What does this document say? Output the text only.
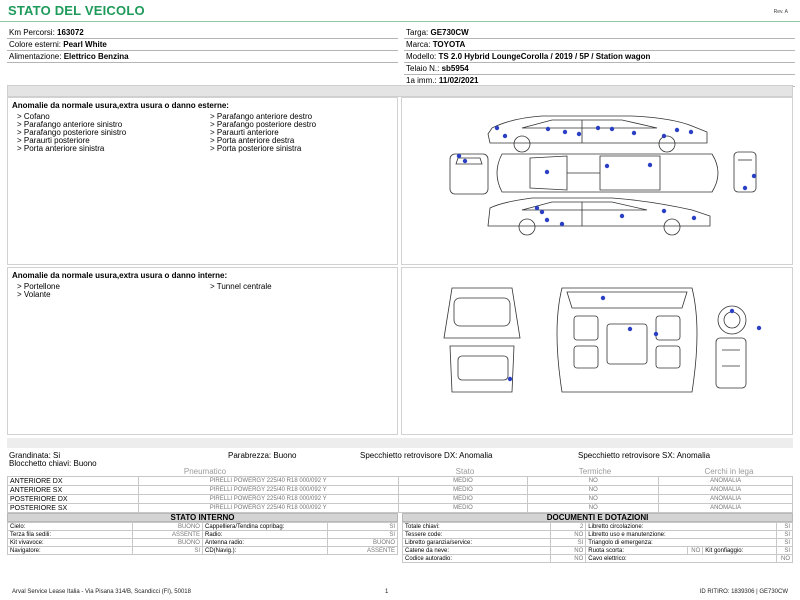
STATO DEL VEICOLO	Rev. A
Km Percorsi: 163072
Colore esterni: Pearl White
Alimentazione: Elettrico Benzina
Targa: GE730CW
Marca: TOYOTA
Modello: TS 2.0 Hybrid LoungeCorolla / 2019 / 5P / Station wagon
Telaio N.: sb5954
1a imm.: 11/02/2021
Anomalie da normale usura,extra usura o danno esterne:
> Cofano
> Parafango anteriore sinistro
> Parafango posteriore sinistro
> Paraurti posteriore
> Porta anteriore sinistra
> Parafango anteriore destro
> Parafango posteriore destro
> Paraurti anteriore
> Porta anteriore destra
> Porta posteriore sinistra
Anomalie da normale usura,extra usura o danno interne:
> Portellone
> Volante
> Tunnel centrale
Grandinata: Si	Parabrezza: Buono	Specchietto retrovisore DX: Anomalia	Specchietto retrovisore SX: Anomalia
Blocchetto chiavi: Buono
Pneumatico	Stato	Termiche	Cerchi in lega
ANTERIORE DX	PIRELLI POWERGY 225/40 R18 000/092 Y	MEDIO	NO	ANOMALIA
ANTERIORE SX	PIRELLI POWERGY 225/40 R18 000/092 Y	MEDIO	NO	ANOMALIA
POSTERIORE DX	PIRELLI POWERGY 225/40 R18 000/092 Y	MEDIO	NO	ANOMALIA
POSTERIORE SX	PIRELLI POWERGY 225/40 R18 000/092 Y	MEDIO	NO	ANOMALIA
STATO INTERNO
Cielo:	BUONO	Cappelliera/Tendina copribag:	SI
Terza fila sedili:	ASSENTE	Radio:	SI
Kit vivavoce:	BUONO	Antenna radio:	BUONO
Navigatore:	SI	CD(Navig.):	ASSENTE
DOCUMENTI E DOTAZIONI
Totale chiavi:	2	Libretto circolazione:			SI
Tessere code:	NO	Libretto uso e manutenzione:			SI
Libretto garanzia/service:	SI	Triangolo di emergenza:			SI
Catene da neve:	NO	Ruota scorta:	NO	Kit gonfiaggio:	SI
Codice autoradio:	NO	Cavo elettrico:			NO
Arval Service Lease Italia - Via Pisana 314/B, Scandicci (FI), 50018	1	ID RITIRO: 1839306 | GE730CW
